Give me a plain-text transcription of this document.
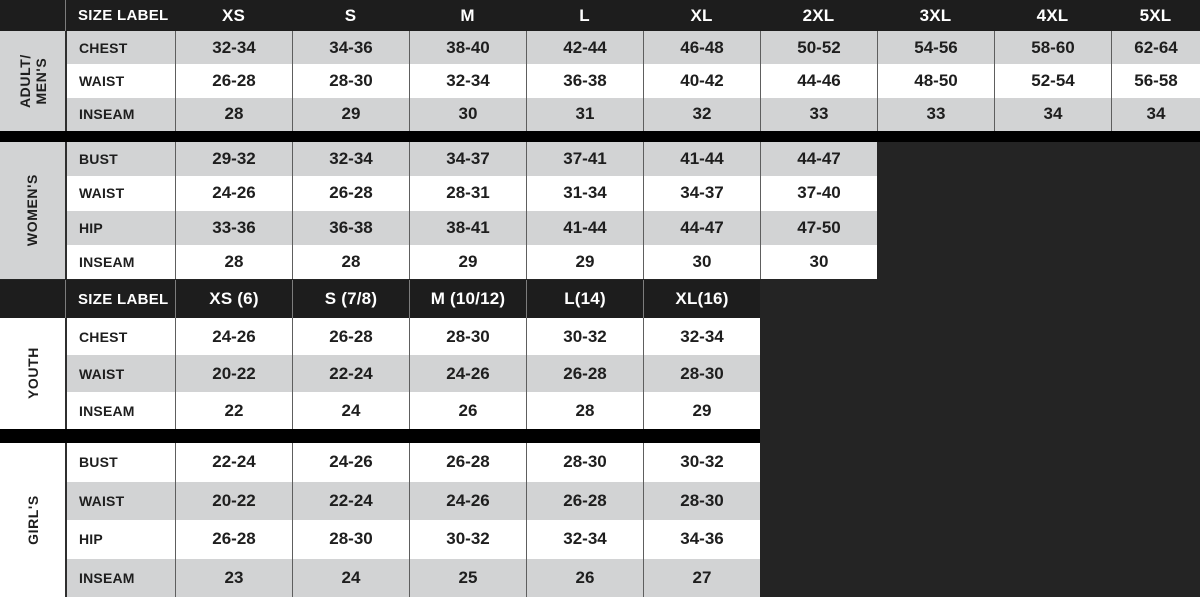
SIZE LABEL	XS	S	M	L	XL	2XL	3XL	4XL	5XL
ADULT/ MEN'S
CHEST	32-34	34-36	38-40	42-44	46-48	50-52	54-56	58-60	62-64
WAIST	26-28	28-30	32-34	36-38	40-42	44-46	48-50	52-54	56-58
INSEAM	28	29	30	31	32	33	33	34	34
WOMEN'S
BUST	29-32	32-34	34-37	37-41	41-44	44-47
WAIST	24-26	26-28	28-31	31-34	34-37	37-40
HIP	33-36	36-38	38-41	41-44	44-47	47-50
INSEAM	28	28	29	29	30	30
SIZE LABEL	XS (6)	S (7/8)	M (10/12)	L(14)	XL(16)
YOUTH
CHEST	24-26	26-28	28-30	30-32	32-34
WAIST	20-22	22-24	24-26	26-28	28-30
INSEAM	22	24	26	28	29
GIRL'S
BUST	22-24	24-26	26-28	28-30	30-32
WAIST	20-22	22-24	24-26	26-28	28-30
HIP	26-28	28-30	30-32	32-34	34-36
INSEAM	23	24	25	26	27
